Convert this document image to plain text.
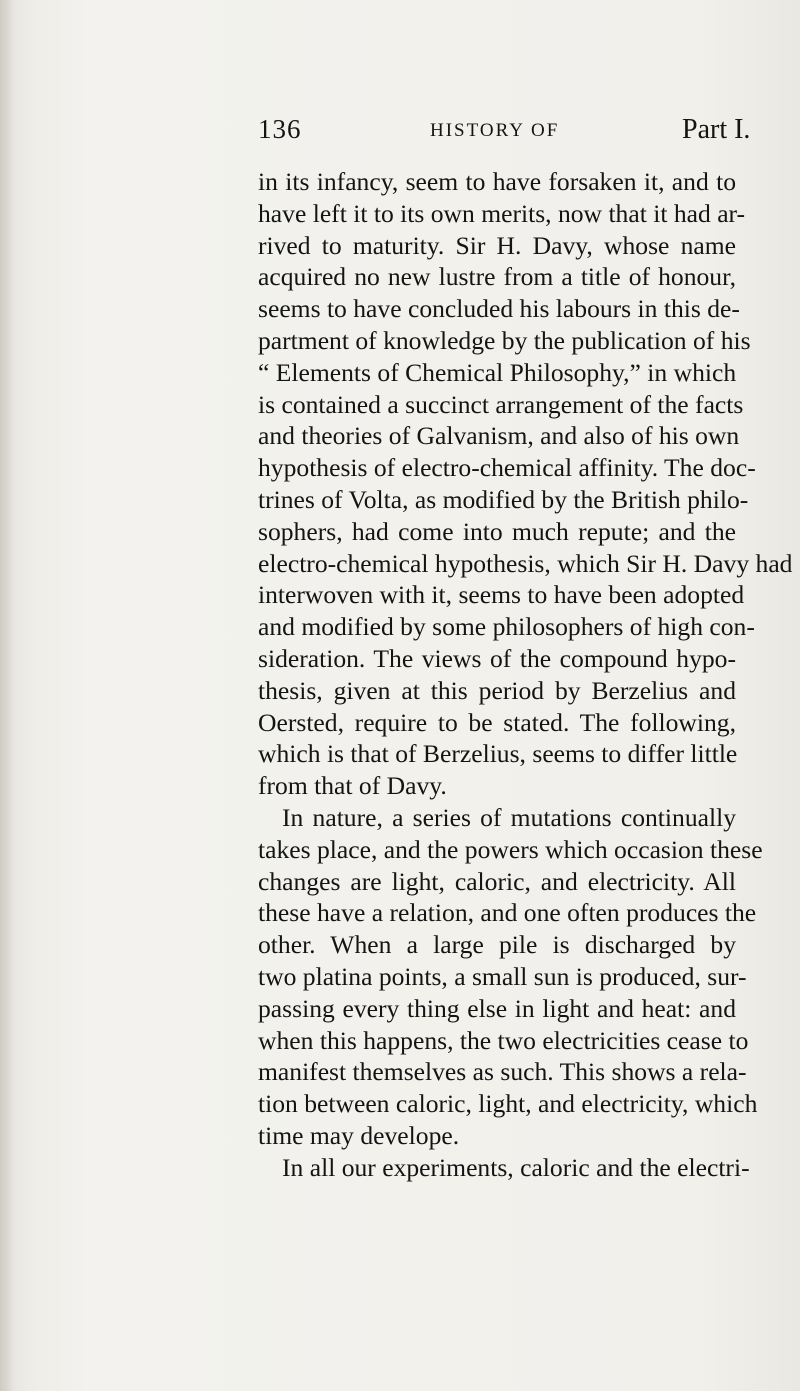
136	HISTORY OF	Part I.
in its infancy, seem to have forsaken it, and to
have left it to its own merits, now that it had ar-
rived to maturity. Sir H. Davy, whose name
acquired no new lustre from a title of honour,
seems to have concluded his labours in this de-
partment of knowledge by the publication of his
“ Elements of Chemical Philosophy,” in which
is contained a succinct arrangement of the facts
and theories of Galvanism, and also of his own
hypothesis of electro-chemical affinity. The doc-
trines of Volta, as modified by the British philo-
sophers, had come into much repute; and the
electro-chemical hypothesis, which Sir H. Davy had
interwoven with it, seems to have been adopted
and modified by some philosophers of high con-
sideration. The views of the compound hypo-
thesis, given at this period by Berzelius and
Oersted, require to be stated. The following,
which is that of Berzelius, seems to differ little
from that of Davy.
In nature, a series of mutations continually
takes place, and the powers which occasion these
changes are light, caloric, and electricity. All
these have a relation, and one often produces the
other. When a large pile is discharged by
two platina points, a small sun is produced, sur-
passing every thing else in light and heat: and
when this happens, the two electricities cease to
manifest themselves as such. This shows a rela-
tion between caloric, light, and electricity, which
time may develope.
In all our experiments, caloric and the electri-
